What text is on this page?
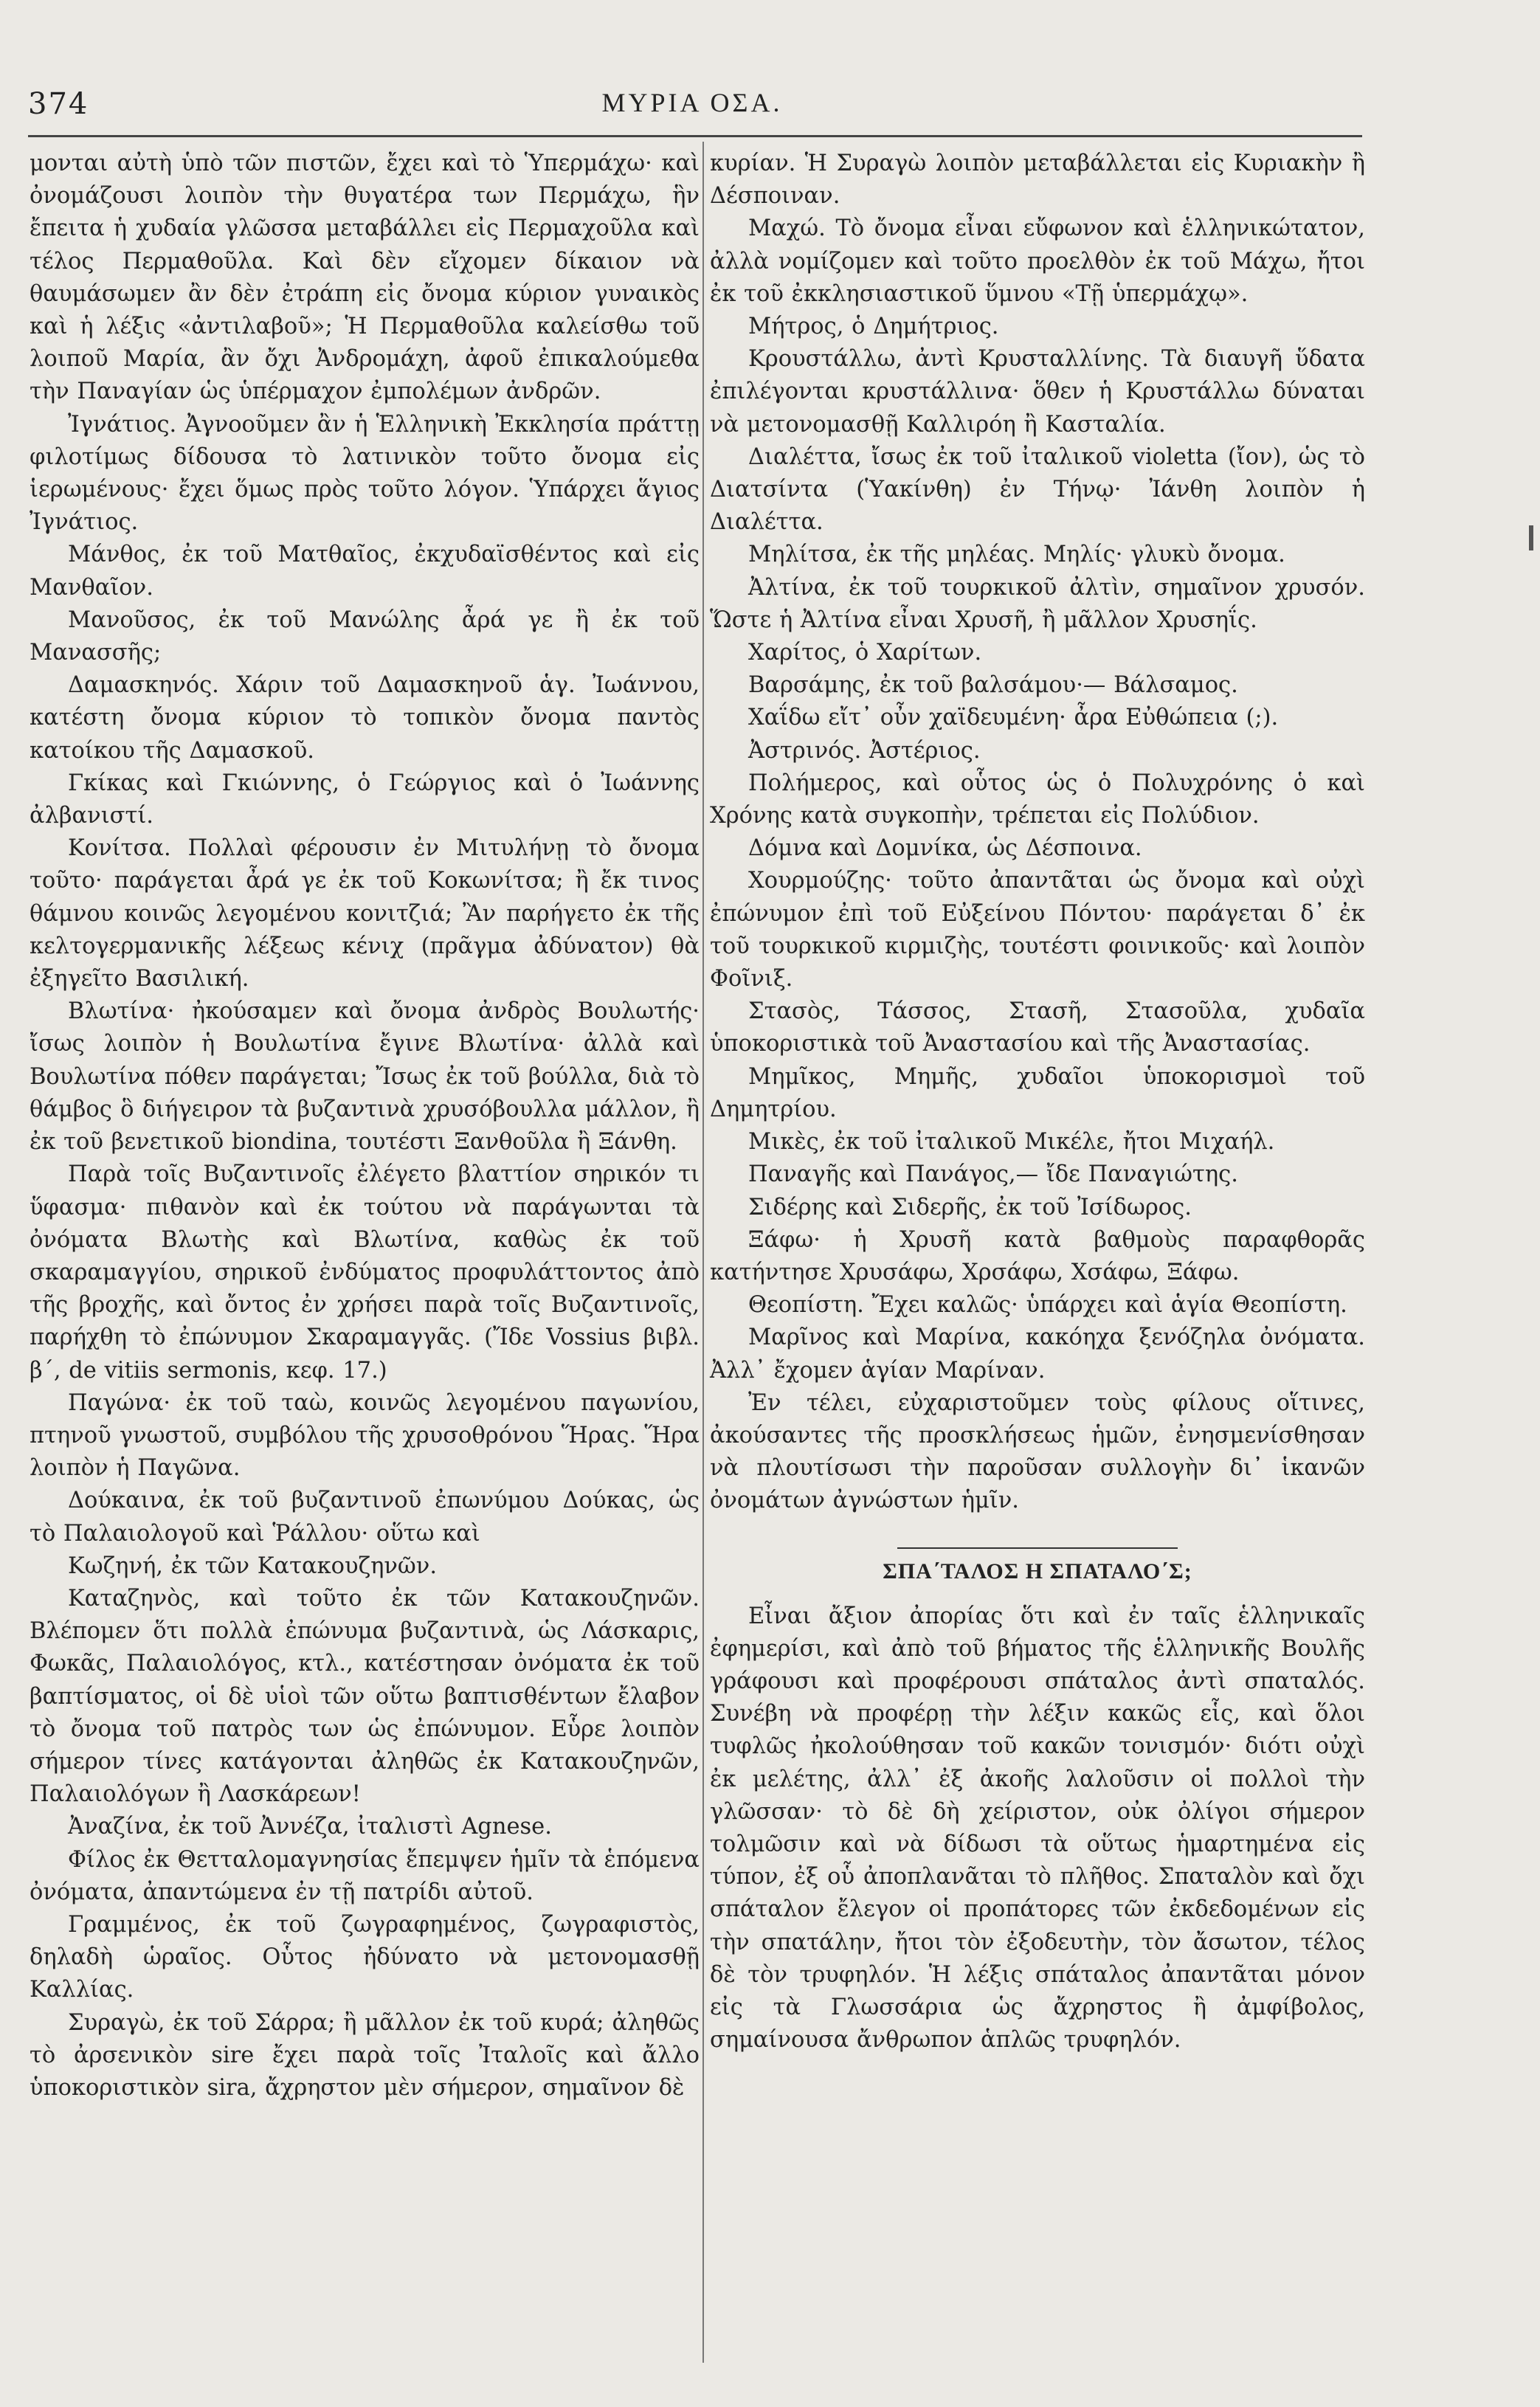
374	ΜΥΡΙΑ ΟΣΑ.

μονται αὐτὴ ὑπὸ τῶν πιστῶν, ἔχει καὶ τὸ Ὑπερμάχω· καὶ ὀνομάζουσι λοιπὸν τὴν θυγατέρα των Περμάχω, ἣν ἔπειτα ἡ χυδαία γλῶσσα μεταβάλλει εἰς Περμαχοῦλα καὶ τέλος Περμαθοῦλα. Καὶ δὲν εἴχομεν δίκαιον νὰ θαυμάσωμεν ἂν δὲν ἐτράπη εἰς ὄνομα κύριον γυναικὸς καὶ ἡ λέξις «ἀντιλαβοῦ»; Ἡ Περμαθοῦλα καλείσθω τοῦ λοιποῦ Μαρία, ἂν ὄχι Ἀνδρομάχη, ἀφοῦ ἐπικαλούμεθα τὴν Παναγίαν ὡς ὑπέρμαχον ἐμπολέμων ἀνδρῶν.

Ἰγνάτιος. Ἀγνοοῦμεν ἂν ἡ Ἑλληνικὴ Ἐκκλησία πράττῃ φιλοτίμως δίδουσα τὸ λατινικὸν τοῦτο ὄνομα εἰς ἱερωμένους· ἔχει ὅμως πρὸς τοῦτο λόγον. Ὑπάρχει ἅγιος Ἰγνάτιος.

Μάνθος, ἐκ τοῦ Ματθαῖος, ἐκχυδαϊσθέντος καὶ εἰς Μανθαῖον.

Μανοῦσος, ἐκ τοῦ Μανώλης ἆρά γε ἢ ἐκ τοῦ Μανασσῆς;

Δαμασκηνός. Χάριν τοῦ Δαμασκηνοῦ ἁγ. Ἰωάννου, κατέστη ὄνομα κύριον τὸ τοπικὸν ὄνομα παντὸς κατοίκου τῆς Δαμασκοῦ.

Γκίκας καὶ Γκιώννης, ὁ Γεώργιος καὶ ὁ Ἰωάννης ἀλβανιστί.

Κονίτσα. Πολλαὶ φέρουσιν ἐν Μιτυλήνῃ τὸ ὄνομα τοῦτο· παράγεται ἆρά γε ἐκ τοῦ Κοκωνίτσα; ἢ ἔκ τινος θάμνου κοινῶς λεγομένου κονιτζιά; Ἂν παρήγετο ἐκ τῆς κελτογερμανικῆς λέξεως κένιχ (πρᾶγμα ἀδύνατον) θὰ ἐξηγεῖτο Βασιλική.

Βλωτίνα· ἠκούσαμεν καὶ ὄνομα ἀνδρὸς Βουλωτής· ἴσως λοιπὸν ἡ Βουλωτίνα ἔγινε Βλωτίνα· ἀλλὰ καὶ Βουλωτίνα πόθεν παράγεται; Ἴσως ἐκ τοῦ βούλλα, διὰ τὸ θάμβος ὃ διήγειρον τὰ βυζαντινὰ χρυσόβουλλα μάλλον, ἢ ἐκ τοῦ βενετικοῦ biondina, τουτέστι Ξανθοῦλα ἢ Ξάνθη.

Παρὰ τοῖς Βυζαντινοῖς ἐλέγετο βλαττίον σηρικόν τι ὕφασμα· πιθανὸν καὶ ἐκ τούτου νὰ παράγωνται τὰ ὀνόματα Βλωτὴς καὶ Βλωτίνα, καθὼς ἐκ τοῦ σκαραμαγγίου, σηρικοῦ ἐνδύματος προφυλάττοντος ἀπὸ τῆς βροχῆς, καὶ ὄντος ἐν χρήσει παρὰ τοῖς Βυζαντινοῖς, παρήχθη τὸ ἐπώνυμον Σκαραμαγγᾶς. (Ἴδε Vossius βιβλ. β΄, de vitiis sermonis, κεφ. 17.)

Παγώνα· ἐκ τοῦ ταὼ, κοινῶς λεγομένου παγωνίου, πτηνοῦ γνωστοῦ, συμβόλου τῆς χρυσοθρόνου Ἥρας. Ἥρα λοιπὸν ἡ Παγῶνα.

Δούκαινα, ἐκ τοῦ βυζαντινοῦ ἐπωνύμου Δούκας, ὡς τὸ Παλαιολογοῦ καὶ Ῥάλλου· οὕτω καὶ

Κωζηνή, ἐκ τῶν Κατακουζηνῶν.

Καταζηνὸς, καὶ τοῦτο ἐκ τῶν Κατακουζηνῶν. Βλέπομεν ὅτι πολλὰ ἐπώνυμα βυζαντινὰ, ὡς Λάσκαρις, Φωκᾶς, Παλαιολόγος, κτλ., κατέστησαν ὀνόματα ἐκ τοῦ βαπτίσματος, οἱ δὲ υἱοὶ τῶν οὕτω βαπτισθέντων ἔλαβον τὸ ὄνομα τοῦ πατρὸς των ὡς ἐπώνυμον. Εὗρε λοιπὸν σήμερον τίνες κατάγονται ἀληθῶς ἐκ Κατακουζηνῶν, Παλαιολόγων ἢ Λασκάρεων!

Ἀναζίνα, ἐκ τοῦ Ἀννέζα, ἰταλιστὶ Agnese.

Φίλος ἐκ Θετταλομαγνησίας ἔπεμψεν ἡμῖν τὰ ἑπόμενα ὀνόματα, ἀπαντώμενα ἐν τῇ πατρίδι αὐτοῦ.

Γραμμένος, ἐκ τοῦ ζωγραφημένος, ζωγραφιστὸς, δηλαδὴ ὡραῖος. Οὗτος ἠδύνατο νὰ μετονομασθῇ Καλλίας.

Συραγὼ, ἐκ τοῦ Σάρρα; ἢ μᾶλλον ἐκ τοῦ κυρά; ἀληθῶς τὸ ἀρσενικὸν sire ἔχει παρὰ τοῖς Ἰταλοῖς καὶ ἄλλο ὑποκοριστικὸν sira, ἄχρηστον μὲν σήμερον, σημαῖνον δὲ

κυρίαν. Ἡ Συραγὼ λοιπὸν μεταβάλλεται εἰς Κυριακὴν ἢ Δέσποιναν.

Μαχώ. Τὸ ὄνομα εἶναι εὔφωνον καὶ ἑλληνικώτατον, ἀλλὰ νομίζομεν καὶ τοῦτο προελθὸν ἐκ τοῦ Μάχω, ἤτοι ἐκ τοῦ ἐκκλησιαστικοῦ ὕμνου «Τῇ ὑπερμάχῳ».

Μήτρος, ὁ Δημήτριος.

Κρουστάλλω, ἀντὶ Κρυσταλλίνης. Τὰ διαυγῆ ὕδατα ἐπιλέγονται κρυστάλλινα· ὅθεν ἡ Κρυστάλλω δύναται νὰ μετονομασθῇ Καλλιρόη ἢ Κασταλία.

Διαλέττα, ἴσως ἐκ τοῦ ἰταλικοῦ violetta (ἴον), ὡς τὸ Διατσίντα (Ὑακίνθη) ἐν Τήνῳ· Ἰάνθη λοιπὸν ἡ Διαλέττα.

Μηλίτσα, ἐκ τῆς μηλέας. Μηλίς· γλυκὺ ὄνομα.

Ἀλτίνα, ἐκ τοῦ τουρκικοῦ ἀλτὶν, σημαῖνον χρυσόν. Ὥστε ἡ Ἀλτίνα εἶναι Χρυσῆ, ἢ μᾶλλον Χρυσηΐς.

Χαρίτος, ὁ Χαρίτων.

Βαρσάμης, ἐκ τοῦ βαλσάμου·— Βάλσαμος.

Χαΐδω εἴτ᾽ οὖν χαϊδευμένη· ἆρα Εὐθώπεια (;).

Ἀστρινός. Ἀστέριος.

Πολήμερος, καὶ οὗτος ὡς ὁ Πολυχρόνης ὁ καὶ Χρόνης κατὰ συγκοπὴν, τρέπεται εἰς Πολύδιον.

Δόμνα καὶ Δομνίκα, ὡς Δέσποινα.

Χουρμούζης· τοῦτο ἀπαντᾶται ὡς ὄνομα καὶ οὐχὶ ἐπώνυμον ἐπὶ τοῦ Εὐξείνου Πόντου· παράγεται δ᾽ ἐκ τοῦ τουρκικοῦ κιρμιζὴς, τουτέστι φοινικοῦς· καὶ λοιπὸν Φοῖνιξ.

Στασὸς, Τάσσος, Στασῆ, Στασοῦλα, χυδαῖα ὑποκοριστικὰ τοῦ Ἀναστασίου καὶ τῆς Ἀναστασίας.

Μημῖκος, Μημῆς, χυδαῖοι ὑποκορισμοὶ τοῦ Δημητρίου.

Μικὲς, ἐκ τοῦ ἰταλικοῦ Μικέλε, ἤτοι Μιχαήλ.

Παναγῆς καὶ Πανάγος,— ἴδε Παναγιώτης.

Σιδέρης καὶ Σιδερῆς, ἐκ τοῦ Ἰσίδωρος.

Ξάφω· ἡ Χρυσῆ κατὰ βαθμοὺς παραφθορᾶς κατήντησε Χρυσάφω, Χρσάφω, Χσάφω, Ξάφω.

Θεοπίστη. Ἔχει καλῶς· ὑπάρχει καὶ ἁγία Θεοπίστη.

Μαρῖνος καὶ Μαρίνα, κακόηχα ξενόζηλα ὀνόματα. Ἀλλ᾽ ἔχομεν ἁγίαν Μαρίναν.

Ἐν τέλει, εὐχαριστοῦμεν τοὺς φίλους οἵτινες, ἀκούσαντες τῆς προσκλήσεως ἡμῶν, ἐνησμενίσθησαν νὰ πλουτίσωσι τὴν παροῦσαν συλλογὴν δι᾽ ἱκανῶν ὀνομάτων ἀγνώστων ἡμῖν.

ΣΠΑ΄ΤΑΛΟΣ Η ΣΠΑΤΑΛΟ΄Σ;

Εἶναι ἄξιον ἀπορίας ὅτι καὶ ἐν ταῖς ἑλληνικαῖς ἐφημερίσι, καὶ ἀπὸ τοῦ βήματος τῆς ἑλληνικῆς Βουλῆς γράφουσι καὶ προφέρουσι σπάταλος ἀντὶ σπαταλός. Συνέβη νὰ προφέρῃ τὴν λέξιν κακῶς εἷς, καὶ ὅλοι τυφλῶς ἠκολούθησαν τοῦ κακῶν τονισμόν· διότι οὐχὶ ἐκ μελέτης, ἀλλ᾽ ἐξ ἀκοῆς λαλοῦσιν οἱ πολλοὶ τὴν γλῶσσαν· τὸ δὲ δὴ χείριστον, οὐκ ὀλίγοι σήμερον τολμῶσιν καὶ νὰ δίδωσι τὰ οὕτως ἡμαρτημένα εἰς τύπον, ἐξ οὗ ἀποπλανᾶται τὸ πλῆθος. Σπαταλὸν καὶ ὄχι σπάταλον ἔλεγον οἱ προπάτορες τῶν ἐκδεδομένων εἰς τὴν σπατάλην, ἤτοι τὸν ἐξοδευτὴν, τὸν ἄσωτον, τέλος δὲ τὸν τρυφηλόν. Ἡ λέξις σπάταλος ἀπαντᾶται μόνον εἰς τὰ Γλωσσάρια ὡς ἄχρηστος ἢ ἀμφίβολος, σημαίνουσα ἄνθρωπον ἁπλῶς τρυφηλόν.
